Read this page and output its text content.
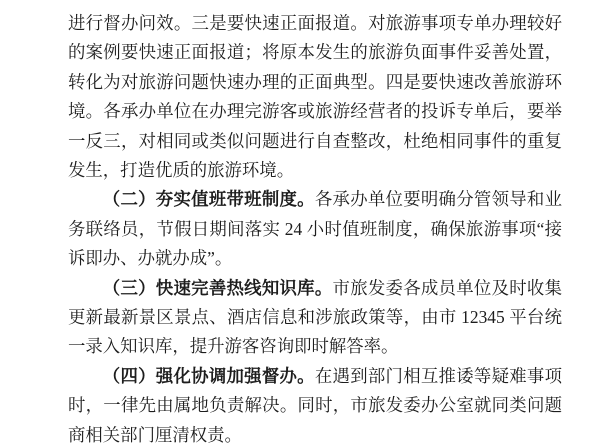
进行督办问效。三是要快速正面报道。对旅游事项专单办理较好的案例要快速正面报道；将原本发生的旅游负面事件妥善处置，转化为对旅游问题快速办理的正面典型。四是要快速改善旅游环境。各承办单位在办理完游客或旅游经营者的投诉专单后，要举一反三，对相同或类似问题进行自查整改，杜绝相同事件的重复发生，打造优质的旅游环境。

（二）夯实值班带班制度。各承办单位要明确分管领导和业务联络员，节假日期间落实 24 小时值班制度，确保旅游事项“接诉即办、办就办成”。

（三）快速完善热线知识库。市旅发委各成员单位及时收集更新最新景区景点、酒店信息和涉旅政策等，由市 12345 平台统一录入知识库，提升游客咨询即时解答率。

（四）强化协调加强督办。在遇到部门相互推诿等疑难事项时，一律先由属地负责解决。同时，市旅发委办公室就同类问题商相关部门厘清权责。
